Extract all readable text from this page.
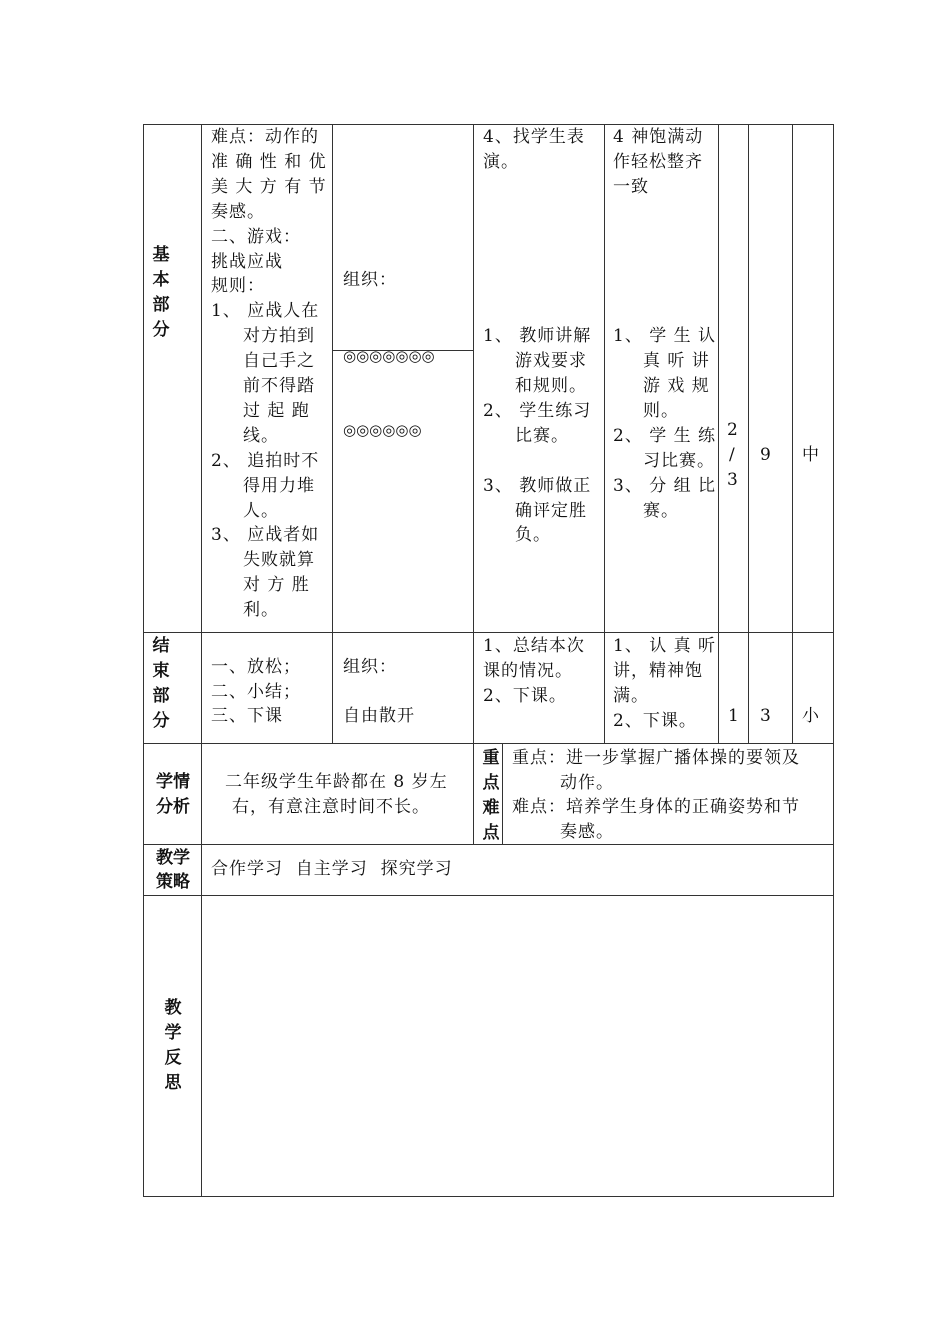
基本部分
难点：动作的
准 确 性 和 优
美 大 方 有 节
奏感。
二、游戏：
挑战应战
规则：
1、 应战人在
对方拍到
自己手之
前不得踏
过 起 跑
线。
2、 追拍时不
得用力堆
人。
3、 应战者如
失败就算
对 方 胜
利。
组织：
◎◎◎◎◎◎◎
◎◎◎◎◎◎
4、找学生表
演。
1、 教师讲解
游戏要求
和规则。
2、 学生练习
比赛。
3、 教师做正
确评定胜
负。
4 神饱满动
作轻松整齐
一致
1、 学 生 认
真 听 讲
游 戏 规
则。
2、 学 生 练
习比赛。
3、 分 组 比
赛。
2
/
3
9 中
结束部分
一、放松；
二、小结；
三、下课
组织：
自由散开
1、总结本次
课的情况。
2、下课。
1、 认 真 听
讲，精神饱
满。
2、下课。 1 3 小
学情
分析
二年级学生年龄都在 8 岁左
右，有意注意时间不长。
重点难点
重点：进一步掌握广播体操的要领及
动作。
难点：培养学生身体的正确姿势和节
奏感。
教学
策略
合作学习  自主学习  探究学习
教学反思
